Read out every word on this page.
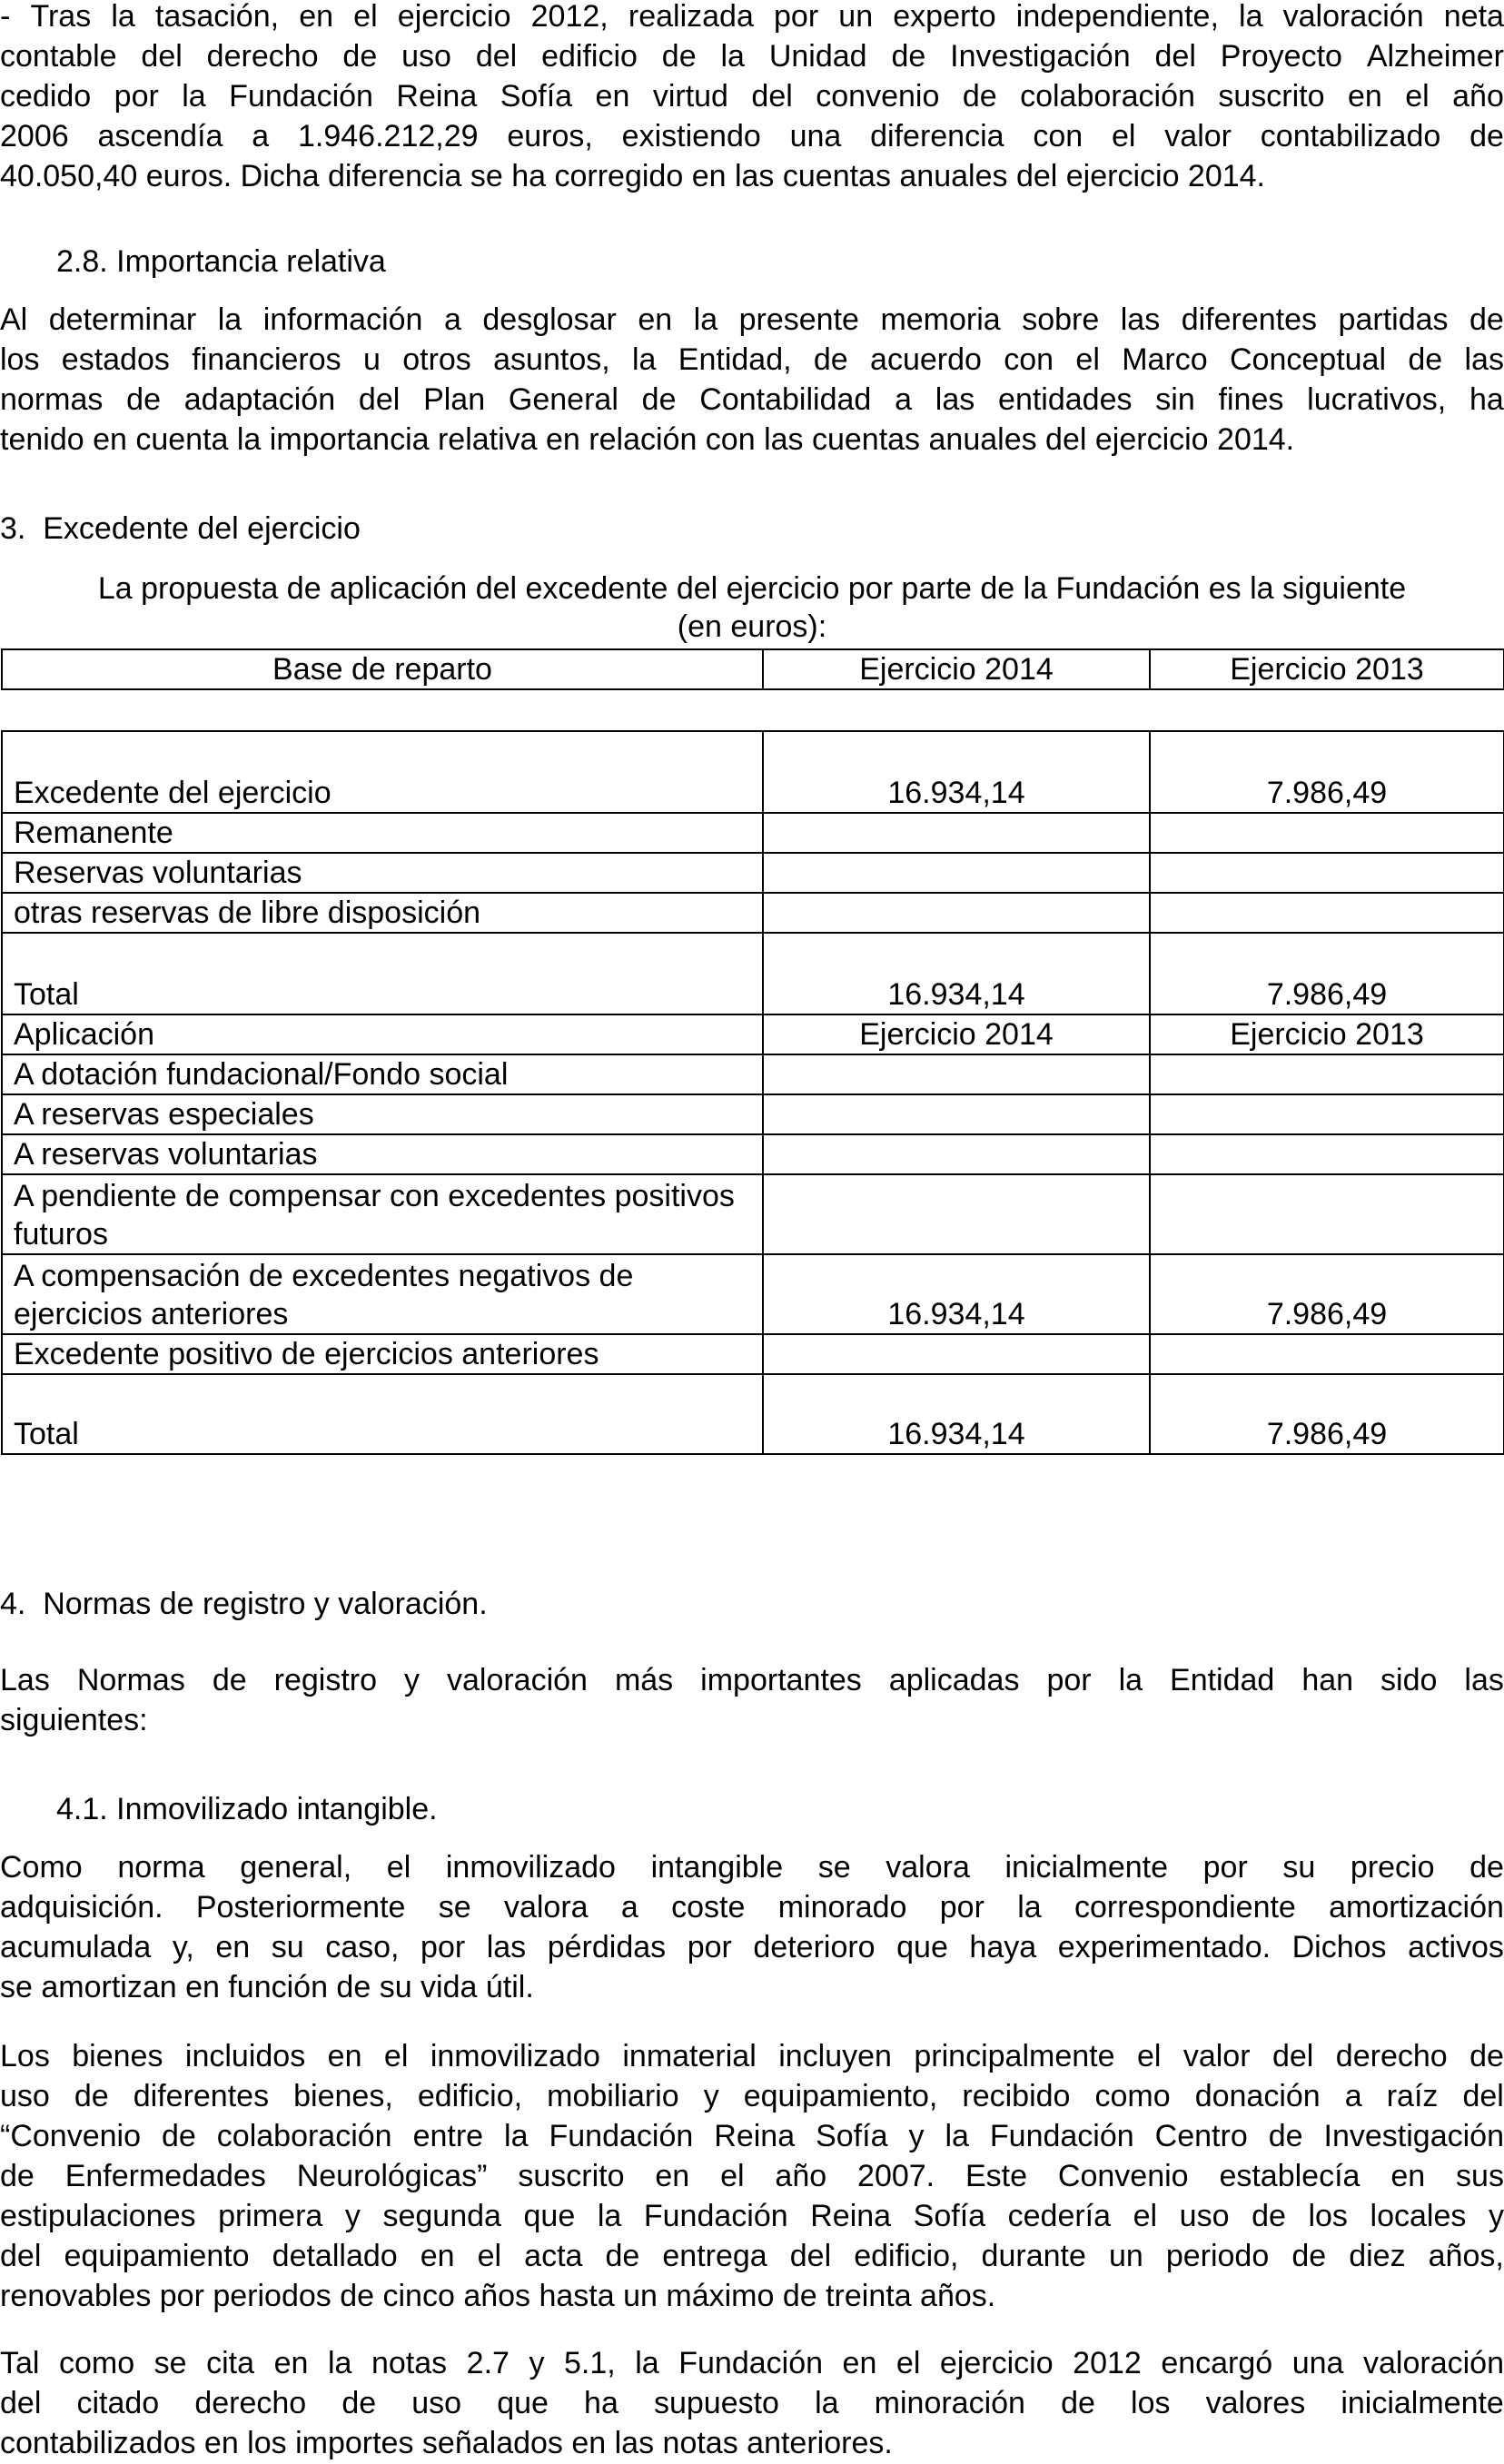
- Tras la tasación, en el ejercicio 2012, realizada por un experto independiente, la valoración neta
contable del derecho de uso del edificio de la Unidad de Investigación del Proyecto Alzheimer
cedido por la Fundación Reina Sofía en virtud del convenio de colaboración suscrito en el año
2006 ascendía a 1.946.212,29 euros, existiendo una diferencia con el valor contabilizado de
40.050,40 euros. Dicha diferencia se ha corregido en las cuentas anuales del ejercicio 2014.
2.8. Importancia relativa
Al determinar la información a desglosar en la presente memoria sobre las diferentes partidas de
los estados financieros u otros asuntos, la Entidad, de acuerdo con el Marco Conceptual de las
normas de adaptación del Plan General de Contabilidad a las entidades sin fines lucrativos, ha
tenido en cuenta la importancia relativa en relación con las cuentas anuales del ejercicio 2014.
3.  Excedente del ejercicio
La propuesta de aplicación del excedente del ejercicio por parte de la Fundación es la siguiente
(en euros):
Base de reparto	Ejercicio 2014	Ejercicio 2013
Excedente del ejercicio	16.934,14	7.986,49
Remanente		
Reservas voluntarias		
otras reservas de libre disposición		
Total	16.934,14	7.986,49
Aplicación	Ejercicio 2014	Ejercicio 2013
A dotación fundacional/Fondo social		
A reservas especiales		
A reservas voluntarias		
A pendiente de compensar con excedentes positivos futuros		
A compensación de excedentes negativos de ejercicios anteriores	16.934,14	7.986,49
Excedente positivo de ejercicios anteriores		
Total	16.934,14	7.986,49
4.  Normas de registro y valoración.
Las Normas de registro y valoración más importantes aplicadas por la Entidad han sido las
siguientes:
4.1. Inmovilizado intangible.
Como norma general, el inmovilizado intangible se valora inicialmente por su precio de
adquisición. Posteriormente se valora a coste minorado por la correspondiente amortización
acumulada y, en su caso, por las pérdidas por deterioro que haya experimentado. Dichos activos
se amortizan en función de su vida útil.
Los bienes incluidos en el inmovilizado inmaterial incluyen principalmente el valor del derecho de
uso de diferentes bienes, edificio, mobiliario y equipamiento, recibido como donación a raíz del
“Convenio de colaboración entre la Fundación Reina Sofía y la Fundación Centro de Investigación
de Enfermedades Neurológicas” suscrito en el año 2007. Este Convenio establecía en sus
estipulaciones primera y segunda que la Fundación Reina Sofía cedería el uso de los locales y
del equipamiento detallado en el acta de entrega del edificio, durante un periodo de diez años,
renovables por periodos de cinco años hasta un máximo de treinta años.
Tal como se cita en la notas 2.7 y 5.1, la Fundación en el ejercicio 2012 encargó una valoración
del citado derecho de uso que ha supuesto la minoración de los valores inicialmente
contabilizados en los importes señalados en las notas anteriores.
